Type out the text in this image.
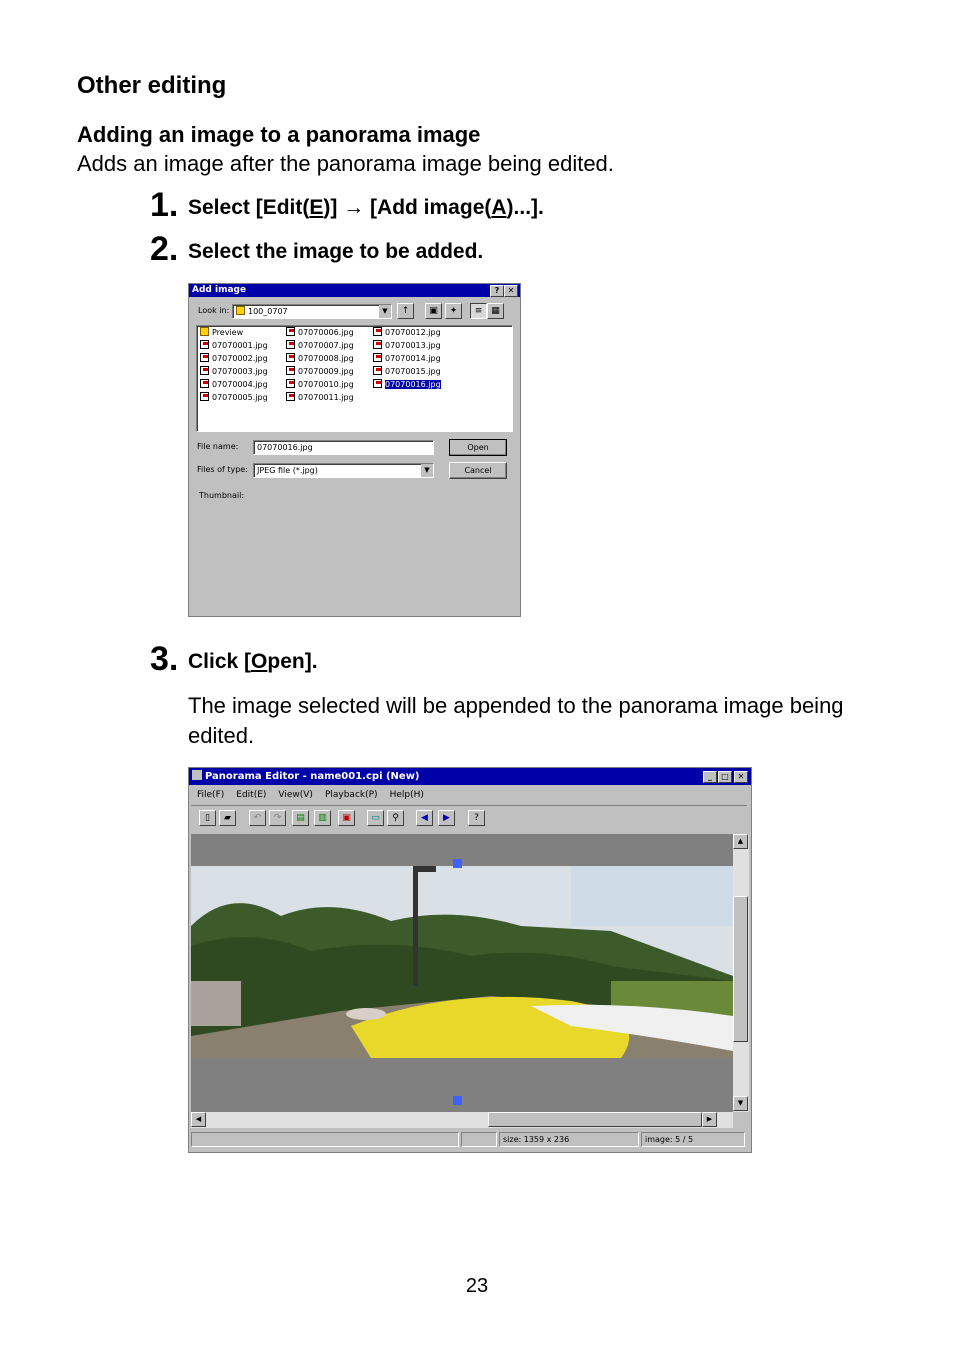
Other editing
Adding an image to a panorama image
Adds an image after the panorama image being edited.
1. Select [Edit(E)] → [Add image(A)...].
2. Select the image to be added.
Add image	?	✕
Look in:	100_0707	▼	↑	▣	✦	≡ ▦
Preview
07070001.jpg
07070002.jpg
07070003.jpg
07070004.jpg
07070005.jpg
07070006.jpg
07070007.jpg
07070008.jpg
07070009.jpg
07070010.jpg
07070011.jpg
07070012.jpg
07070013.jpg
07070014.jpg
07070015.jpg
07070016.jpg
File name:	07070016.jpg
Files of type:	JPEG file (*.jpg)	▼
Open
Cancel
Thumbnail:
3. Click [Open].
The image selected will be appended to the panorama image being edited.
Panorama Editor - name001.cpi (New)	_	□	✕
File(F) Edit(E) View(V) Playback(P) Help(H)
▯	▰	↶	↷	▤	▥	▣	▭	⚲	◀	▶	?
▲
▼
◀	▶
size: 1359 x 236	image: 5 / 5
23
